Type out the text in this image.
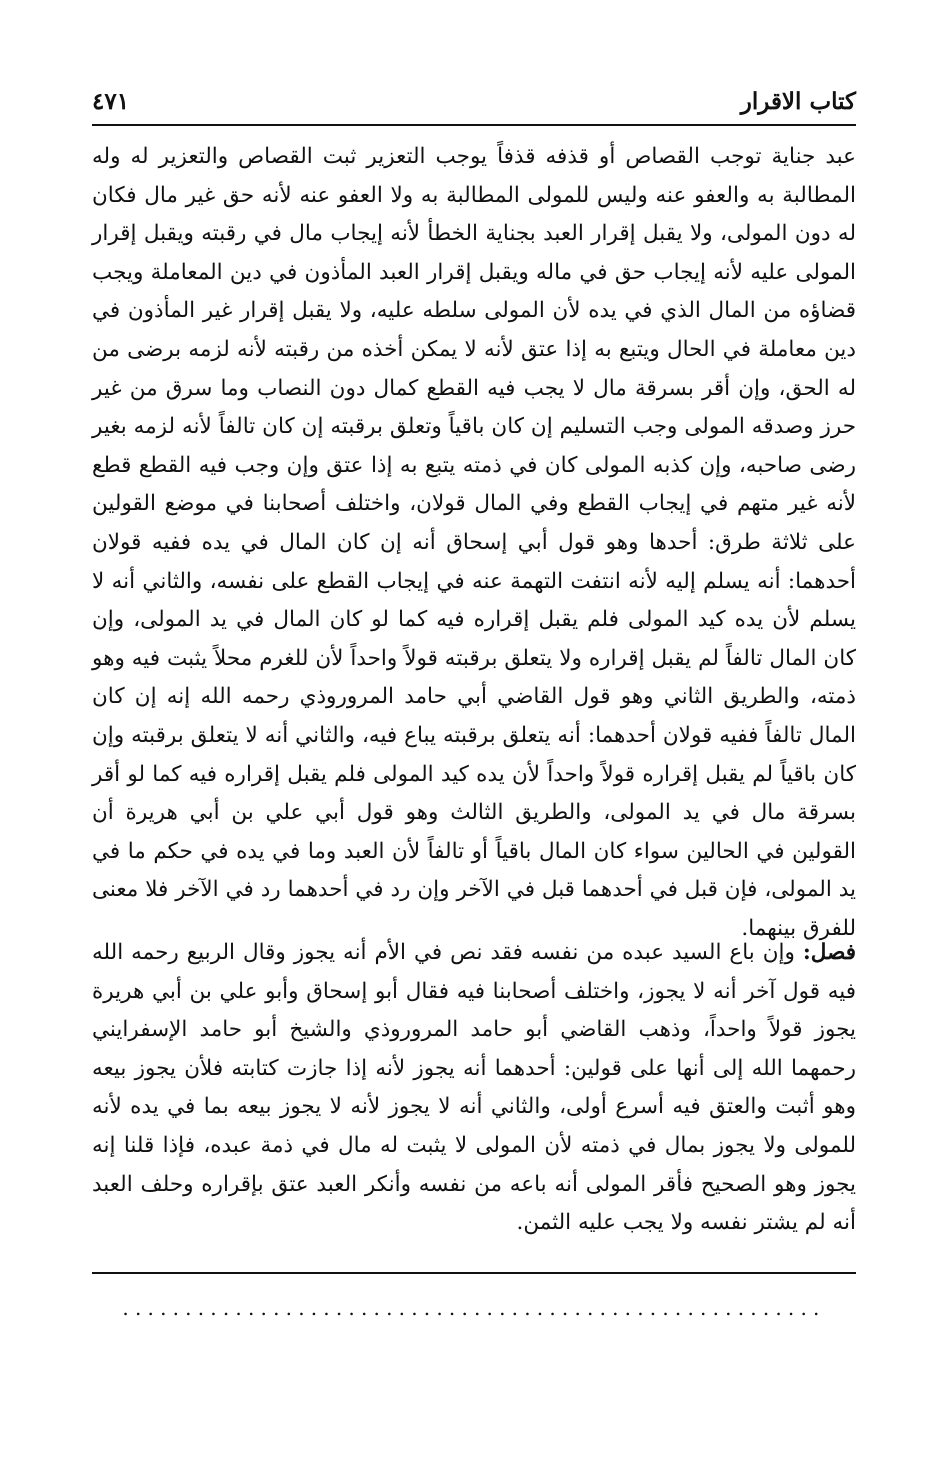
كتاب الاقرار
٤٧١

عبد جناية توجب القصاص أو قذفه قذفاً يوجب التعزير ثبت القصاص والتعزير له وله المطالبة به والعفو عنه وليس للمولى المطالبة به ولا العفو عنه لأنه حق غير مال فكان له دون المولى، ولا يقبل إقرار العبد بجناية الخطأ لأنه إيجاب مال في رقبته ويقبل إقرار المولى عليه لأنه إيجاب حق في ماله ويقبل إقرار العبد المأذون في دين المعاملة ويجب قضاؤه من المال الذي في يده لأن المولى سلطه عليه، ولا يقبل إقرار غير المأذون في دين معاملة في الحال ويتبع به إذا عتق لأنه لا يمكن أخذه من رقبته لأنه لزمه برضى من له الحق، وإن أقر بسرقة مال لا يجب فيه القطع كمال دون النصاب وما سرق من غير حرز وصدقه المولى وجب التسليم إن كان باقياً وتعلق برقبته إن كان تالفاً لأنه لزمه بغير رضى صاحبه، وإن كذبه المولى كان في ذمته يتبع به إذا عتق وإن وجب فيه القطع قطع لأنه غير متهم في إيجاب القطع وفي المال قولان، واختلف أصحابنا في موضع القولين على ثلاثة طرق: أحدها وهو قول أبي إسحاق أنه إن كان المال في يده ففيه قولان أحدهما: أنه يسلم إليه لأنه انتفت التهمة عنه في إيجاب القطع على نفسه، والثاني أنه لا يسلم لأن يده كيد المولى فلم يقبل إقراره فيه كما لو كان المال في يد المولى، وإن كان المال تالفاً لم يقبل إقراره ولا يتعلق برقبته قولاً واحداً لأن للغرم محلاً يثبت فيه وهو ذمته، والطريق الثاني وهو قول القاضي أبي حامد المروروذي رحمه الله إنه إن كان المال تالفاً ففيه قولان أحدهما: أنه يتعلق برقبته يباع فيه، والثاني أنه لا يتعلق برقبته وإن كان باقياً لم يقبل إقراره قولاً واحداً لأن يده كيد المولى فلم يقبل إقراره فيه كما لو أقر بسرقة مال في يد المولى، والطريق الثالث وهو قول أبي علي بن أبي هريرة أن القولين في الحالين سواء كان المال باقياً أو تالفاً لأن العبد وما في يده في حكم ما في يد المولى، فإن قبل في أحدهما قبل في الآخر وإن رد في أحدهما رد في الآخر فلا معنى للفرق بينهما.

فصل: وإن باع السيد عبده من نفسه فقد نص في الأم أنه يجوز وقال الربيع رحمه الله فيه قول آخر أنه لا يجوز، واختلف أصحابنا فيه فقال أبو إسحاق وأبو علي بن أبي هريرة يجوز قولاً واحداً، وذهب القاضي أبو حامد المروروذي والشيخ أبو حامد الإسفرايني رحمهما الله إلى أنها على قولين: أحدهما أنه يجوز لأنه إذا جازت كتابته فلأن يجوز بيعه وهو أثبت والعتق فيه أسرع أولى، والثاني أنه لا يجوز لأنه لا يجوز بيعه بما في يده لأنه للمولى ولا يجوز بمال في ذمته لأن المولى لا يثبت له مال في ذمة عبده، فإذا قلنا إنه يجوز وهو الصحيح فأقر المولى أنه باعه من نفسه وأنكر العبد عتق بإقراره وحلف العبد أنه لم يشتر نفسه ولا يجب عليه الثمن.

........................................................
